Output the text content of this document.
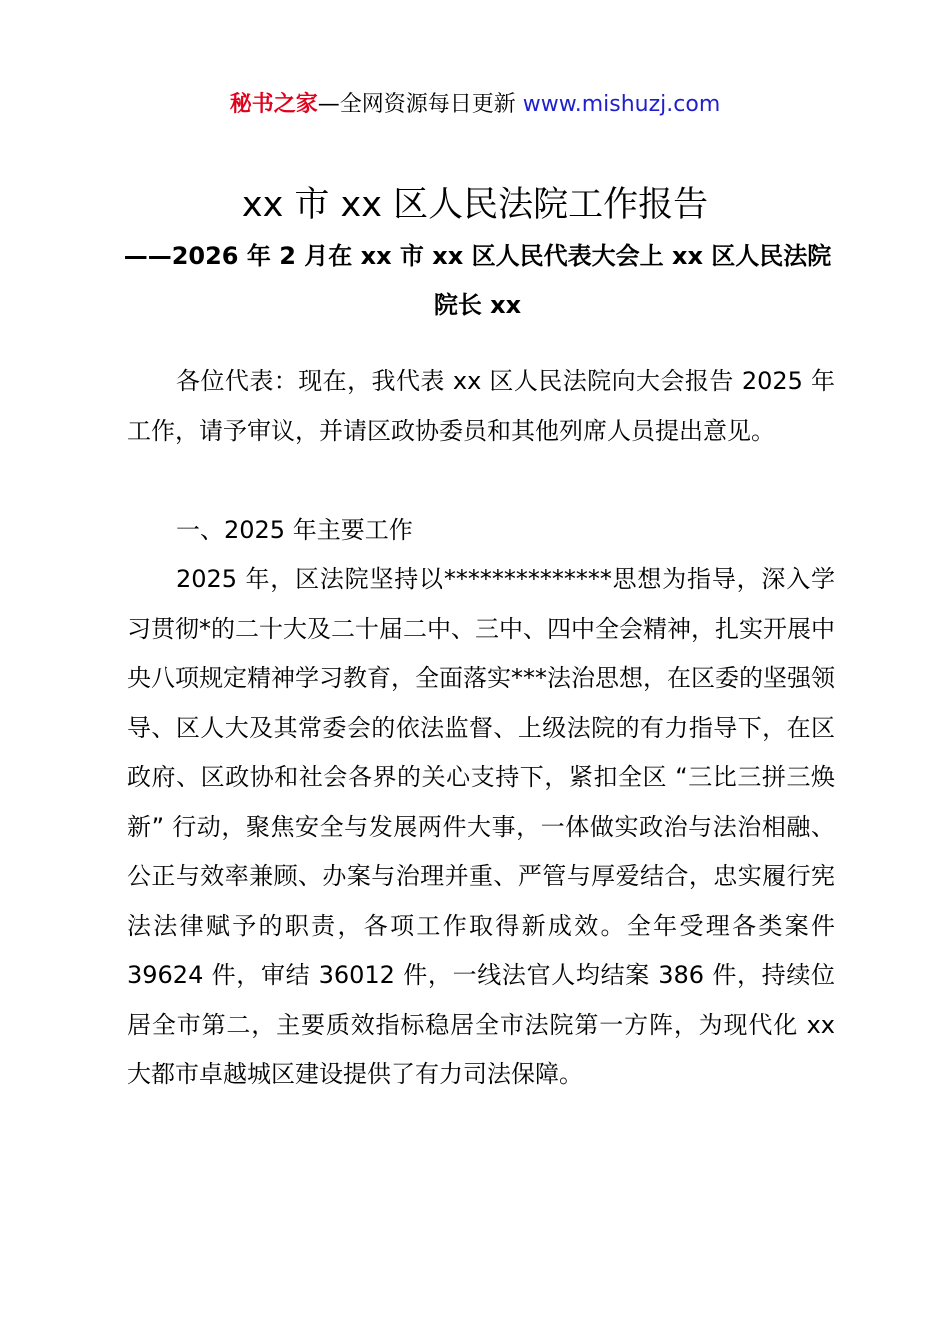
秘书之家—全网资源每日更新 www.mishuzj.com
xx 市 xx 区人民法院工作报告
——2026 年 2 月在 xx 市 xx 区人民代表大会上 xx 区人民法院院长 xx

各位代表：现在，我代表 xx 区人民法院向大会报告 2025 年工作，请予审议，并请区政协委员和其他列席人员提出意见。

一、2025 年主要工作

2025 年，区法院坚持以**************思想为指导，深入学习贯彻*的二十大及二十届二中、三中、四中全会精神，扎实开展中央八项规定精神学习教育，全面落实***法治思想，在区委的坚强领导、区人大及其常委会的依法监督、上级法院的有力指导下，在区政府、区政协和社会各界的关心支持下，紧扣全区 “三比三拼三焕新” 行动，聚焦安全与发展两件大事，一体做实政治与法治相融、公正与效率兼顾、办案与治理并重、严管与厚爱结合，忠实履行宪法法律赋予的职责，各项工作取得新成效。全年受理各类案件 39624 件，审结 36012 件，一线法官人均结案 386 件，持续位居全市第二，主要质效指标稳居全市法院第一方阵，为现代化 xx 大都市卓越城区建设提供了有力司法保障。
